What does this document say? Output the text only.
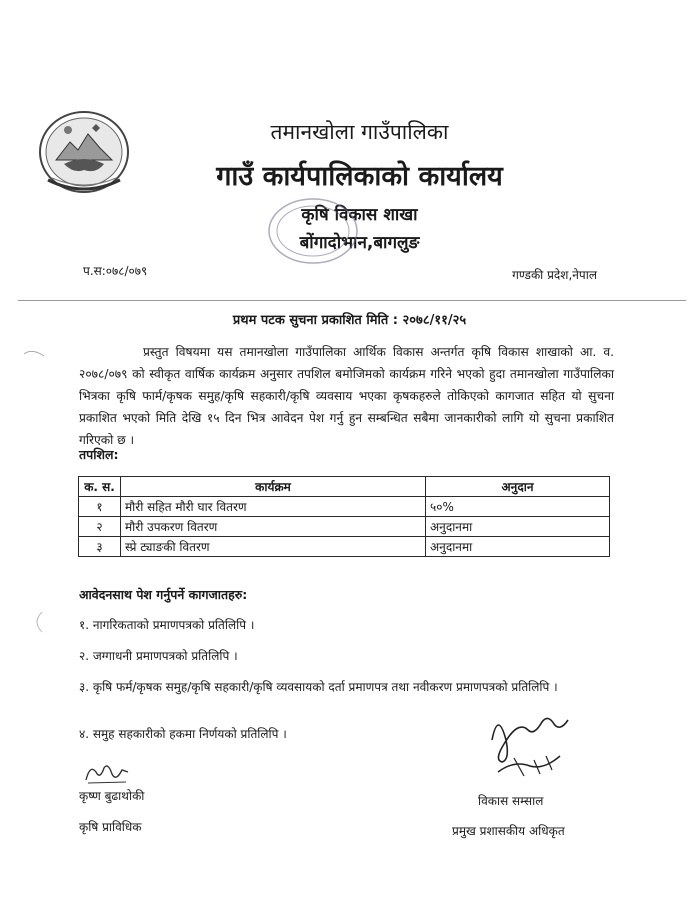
तमानखोला गाउँपालिका
गाउँ कार्यपालिकाको कार्यालय
कृषि विकास शाखा
बोंगादोभान,बागलुङ
प.स:०७८/०७९	गण्डकी प्रदेश,नेपाल
प्रथम पटक सुचना प्रकाशित मिति : २०७८/११/२५
प्रस्तुत विषयमा यस तमानखोला गाउँपालिका आर्थिक विकास अन्तर्गत कृषि विकास शाखाको आ. व. २०७८/०७९ को स्वीकृत वार्षिक कार्यक्रम अनुसार तपशिल बमोजिमको कार्यक्रम गरिने भएको हुदा तमानखोला गाउँपालिका भित्रका कृषि फार्म/कृषक समुह/कृषि सहकारी/कृषि व्यवसाय भएका कृषकहरुले तोकिएको कागजात सहित यो सुचना प्रकाशित भएको मिति देखि १५ दिन भित्र आवेदन पेश गर्नु हुन सम्बन्धित सबैमा जानकारीको लागि यो सुचना प्रकाशित गरिएको छ ।
तपशिल:
क. स.	कार्यक्रम	अनुदान
१	मौरी सहित मौरी घार वितरण	५०%
२	मौरी उपकरण वितरण	अनुदानमा
३	स्प्रे ट्याङकी वितरण	अनुदानमा
आवेदनसाथ पेश गर्नुपर्ने कागजातहरु:
१. नागरिकताको प्रमाणपत्रको प्रतिलिपि ।
२. जग्गाधनी प्रमाणपत्रको प्रतिलिपि ।
३. कृषि फर्म/कृषक समुह/कृषि सहकारी/कृषि व्यवसायको दर्ता प्रमाणपत्र तथा नवीकरण प्रमाणपत्रको प्रतिलिपि ।
४. समुह सहकारीको हकमा निर्णयको प्रतिलिपि ।
कृष्ण बुढाथोकी
कृषि प्राविधिक
विकास सम्साल
प्रमुख प्रशासकीय अधिकृत
